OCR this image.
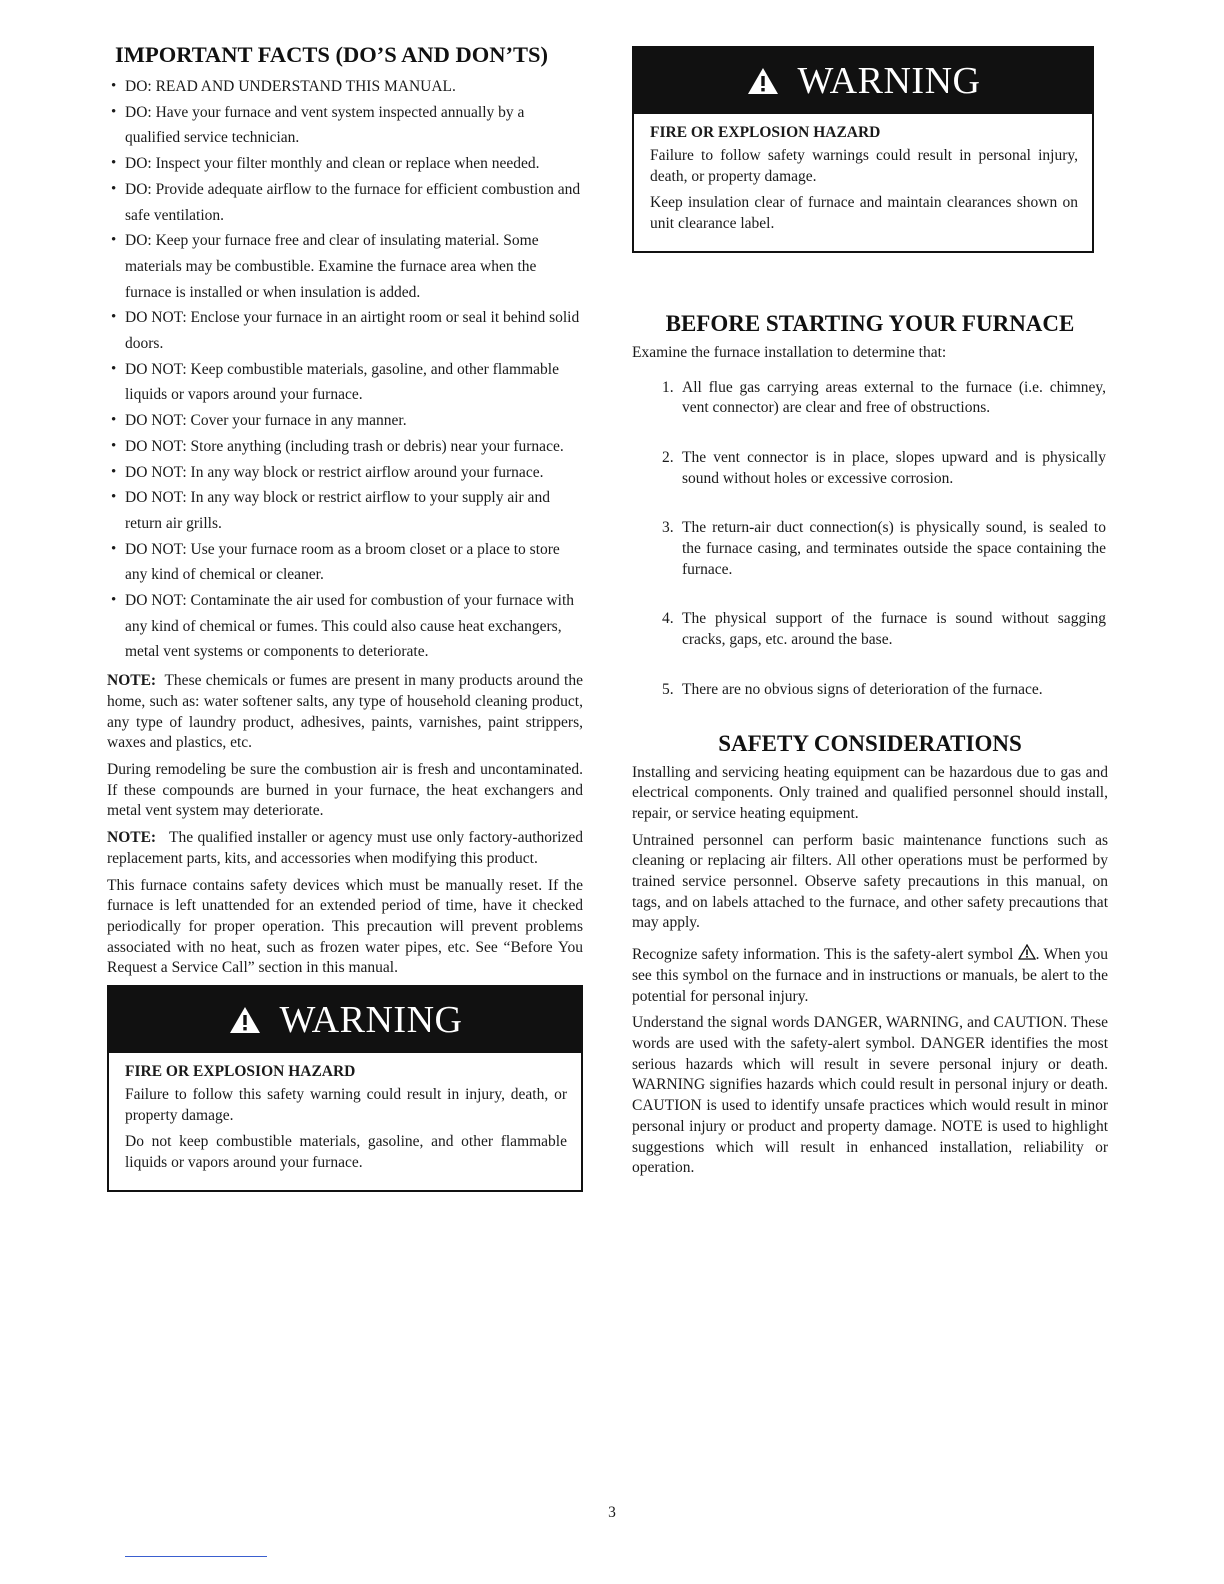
IMPORTANT FACTS (DO’S AND DON’TS)
• DO: READ AND UNDERSTAND THIS MANUAL.
• DO: Have your furnace and vent system inspected annually by a qualified service technician.
• DO: Inspect your filter monthly and clean or replace when needed.
• DO: Provide adequate airflow to the furnace for efficient combustion and safe ventilation.
• DO: Keep your furnace free and clear of insulating material. Some materials may be combustible. Examine the furnace area when the furnace is installed or when insulation is added.
• DO NOT: Enclose your furnace in an airtight room or seal it behind solid doors.
• DO NOT: Keep combustible materials, gasoline, and other flammable liquids or vapors around your furnace.
• DO NOT: Cover your furnace in any manner.
• DO NOT: Store anything (including trash or debris) near your furnace.
• DO NOT: In any way block or restrict airflow around your furnace.
• DO NOT: In any way block or restrict airflow to your supply air and return air grills.
• DO NOT: Use your furnace room as a broom closet or a place to store any kind of chemical or cleaner.
• DO NOT: Contaminate the air used for combustion of your furnace with any kind of chemical or fumes. This could also cause heat exchangers, metal vent systems or components to deteriorate.

NOTE: These chemicals or fumes are present in many products around the home, such as: water softener salts, any type of household cleaning product, any type of laundry product, adhesives, paints, varnishes, paint strippers, waxes and plastics, etc.

During remodeling be sure the combustion air is fresh and uncontaminated. If these compounds are burned in your furnace, the heat exchangers and metal vent system may deteriorate.

NOTE: The qualified installer or agency must use only factory-authorized replacement parts, kits, and accessories when modifying this product.

This furnace contains safety devices which must be manually reset. If the furnace is left unattended for an extended period of time, have it checked periodically for proper operation. This precaution will prevent problems associated with no heat, such as frozen water pipes, etc. See “Before You Request a Service Call” section in this manual.

WARNING
FIRE OR EXPLOSION HAZARD

Failure to follow this safety warning could result in injury, death, or property damage.

Do not keep combustible materials, gasoline, and other flammable liquids or vapors around your furnace.

WARNING
FIRE OR EXPLOSION HAZARD

Failure to follow safety warnings could result in personal injury, death, or property damage.

Keep insulation clear of furnace and maintain clearances shown on unit clearance label.

BEFORE STARTING YOUR FURNACE

Examine the furnace installation to determine that:

1. All flue gas carrying areas external to the furnace (i.e. chimney, vent connector) are clear and free of obstructions.
2. The vent connector is in place, slopes upward and is physically sound without holes or excessive corrosion.
3. The return-air duct connection(s) is physically sound, is sealed to the furnace casing, and terminates outside the space containing the furnace.
4. The physical support of the furnace is sound without sagging cracks, gaps, etc. around the base.
5. There are no obvious signs of deterioration of the furnace.
SAFETY CONSIDERATIONS

Installing and servicing heating equipment can be hazardous due to gas and electrical components. Only trained and qualified personnel should install, repair, or service heating equipment.

Untrained personnel can perform basic maintenance functions such as cleaning or replacing air filters. All other operations must be performed by trained service personnel. Observe safety precautions in this manual, on tags, and on labels attached to the furnace, and other safety precautions that may apply.

Recognize safety information. This is the safety-alert symbol . When you see this symbol on the furnace and in instructions or manuals, be alert to the potential for personal injury.

Understand the signal words DANGER, WARNING, and CAUTION. These words are used with the safety-alert symbol. DANGER identifies the most serious hazards which will result in severe personal injury or death. WARNING signifies hazards which could result in personal injury or death. CAUTION is used to identify unsafe practices which would result in minor personal injury or product and property damage. NOTE is used to highlight suggestions which will result in enhanced installation, reliability or operation.

3
